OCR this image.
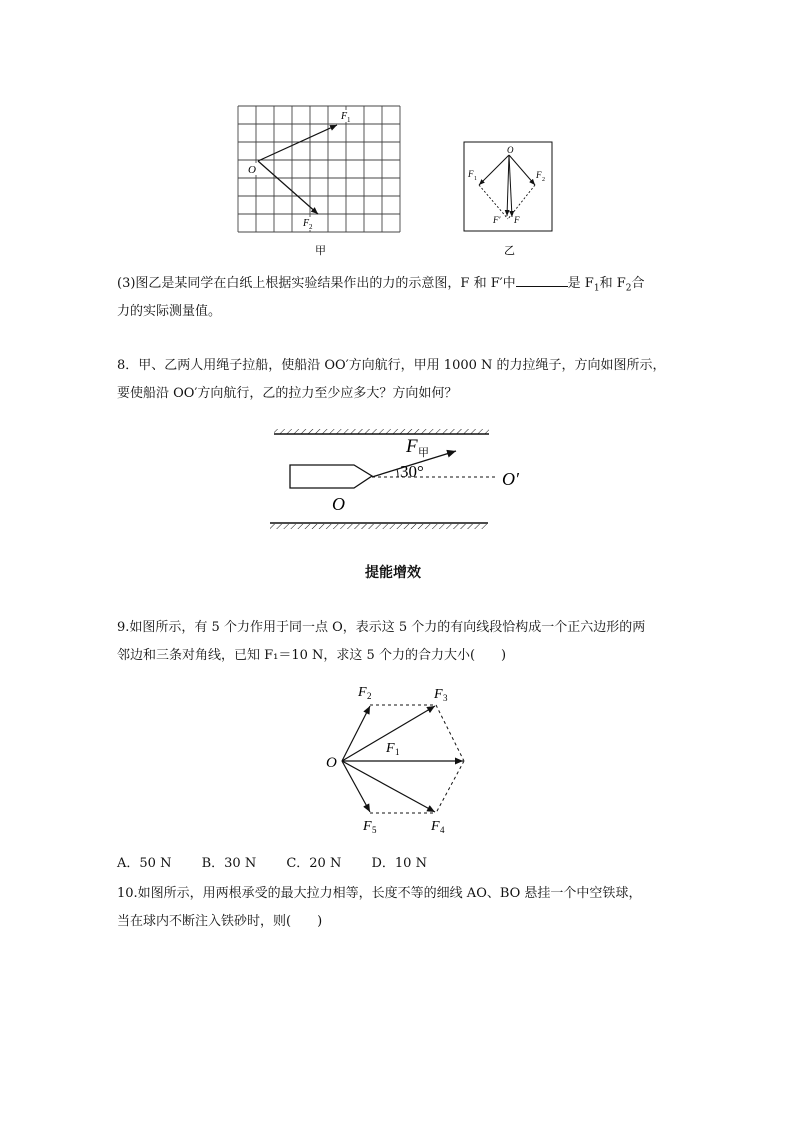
O
F 1
F 2
甲
O
F 1	F 2
F′ F
乙
(3)图乙是某同学在白纸上根据实验结果作出的力的示意图，F 和 F′中	是 $F_1$和 $F_2$合
力的实际测量值。
8．甲、乙两人用绳子拉船，使船沿 OO′方向航行，甲用 1000 N 的力拉绳子，方向如图所示，
要使船沿 OO′方向航行，乙的拉力至少应多大？方向如何？
F 甲
30°
O
O′
提能增效
9.如图所示，有 5 个力作用于同一点 O，表示这 5 个力的有向线段恰构成一个正六边形的两
邻边和三条对角线，已知 F₁＝10 N，求这 5 个力的合力大小(　　)
O
F 2	F 3
F 1
F 4
F 5
A．50 N B．30 N C．20 N D．10 N
10.如图所示，用两根承受的最大拉力相等，长度不等的细线 AO、BO 悬挂一个中空铁球，
当在球内不断注入铁砂时，则(　　)
